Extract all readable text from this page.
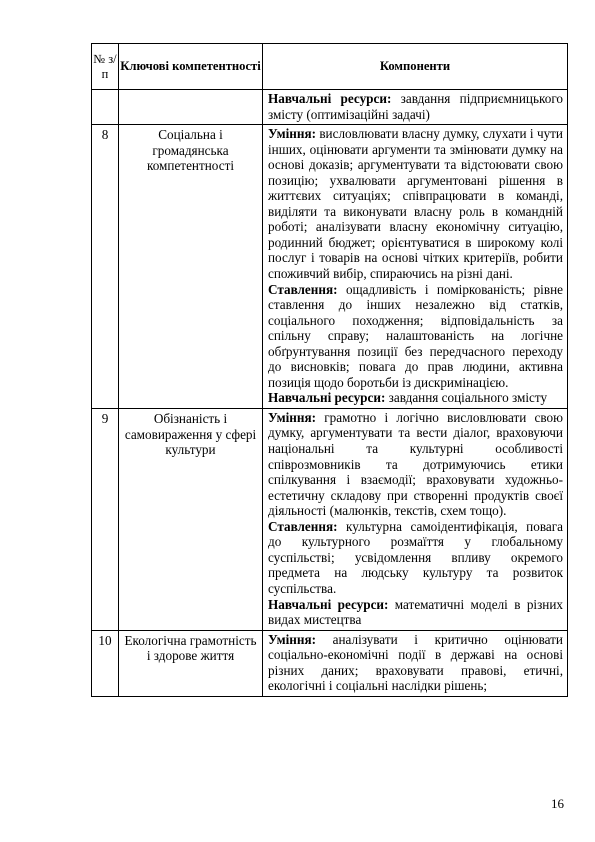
№ з/п	Ключові компетентності	Компоненти

		Навчальні ресурси: завдання підприємницького змісту (оптимізаційні задачі)

8	Соціальна і громадянська компетентності	Уміння: висловлювати власну думку, слухати і чути інших, оцінювати аргументи та змінювати думку на основі доказів; аргументувати та відстоювати свою позицію; ухвалювати аргументовані рішення в життєвих ситуаціях; співпрацювати в команді, виділяти та виконувати власну роль в командній роботі; аналізувати власну економічну ситуацію, родинний бюджет; орієнтуватися в широкому колі послуг і товарів на основі чітких критеріїв, робити споживчий вибір, спираючись на різні дані.
Ставлення: ощадливість і поміркованість; рівне ставлення до інших незалежно від статків, соціального походження; відповідальність за спільну справу; налаштованість на логічне обґрунтування позиції без передчасного переходу до висновків; повага до прав людини, активна позиція щодо боротьби із дискримінацією.
Навчальні ресурси: завдання соціального змісту

9	Обізнаність і самовираження у сфері культури	Уміння: грамотно і логічно висловлювати свою думку, аргументувати та вести діалог, враховуючи національні та культурні особливості співрозмовників та дотримуючись етики спілкування і взаємодії; враховувати художньо-естетичну складову при створенні продуктів своєї діяльності (малюнків, текстів, схем тощо).
Ставлення: культурна самоідентифікація, повага до культурного розмаїття у глобальному суспільстві; усвідомлення впливу окремого предмета на людську культуру та розвиток суспільства.
Навчальні ресурси: математичні моделі в різних видах мистецтва

10	Екологічна грамотність і здорове життя	Уміння: аналізувати і критично оцінювати соціально-економічні події в державі на основі різних даних; враховувати правові, етичні, екологічні і соціальні наслідки рішень;
16
